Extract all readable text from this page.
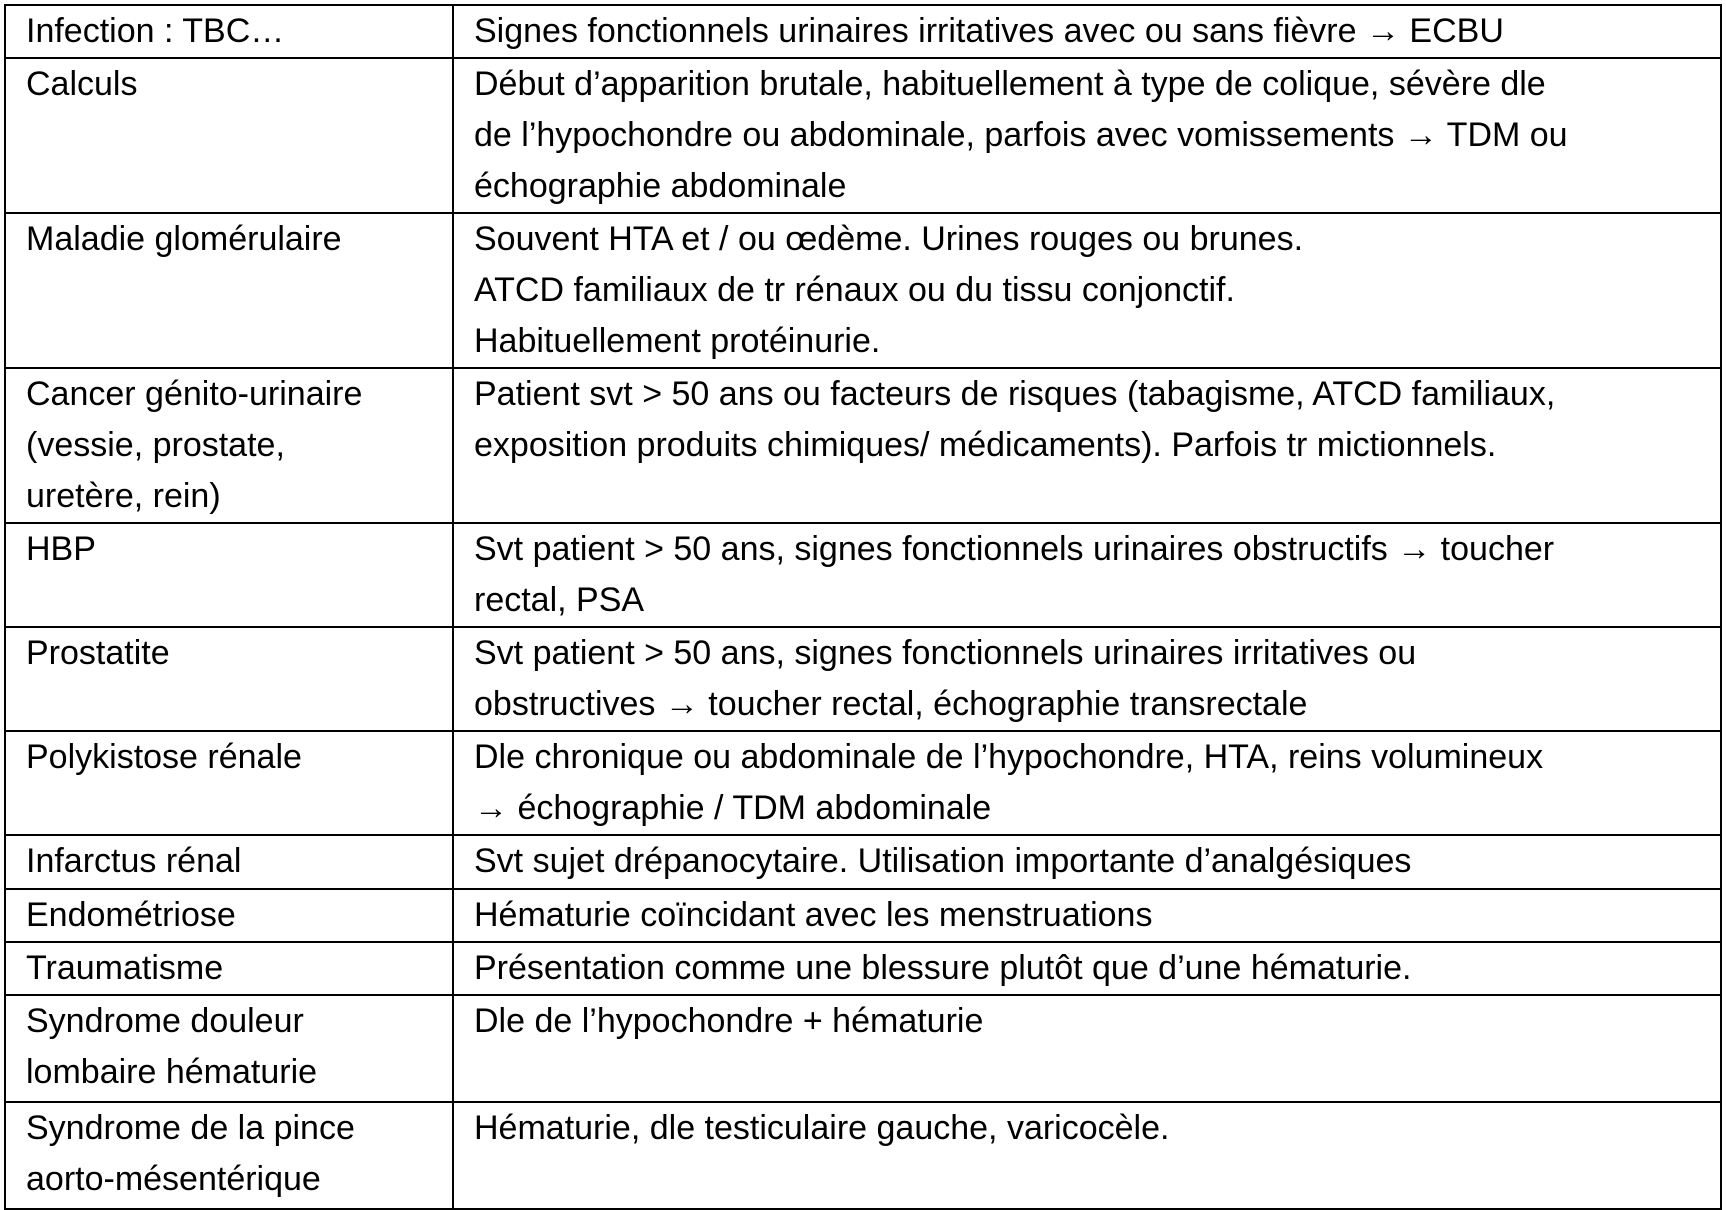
Infection : TBC…	Signes fonctionnels urinaires irritatives avec ou sans fièvre → ECBU
Calculs	Début d’apparition brutale, habituellement à type de colique, sévère dle
de l’hypochondre ou abdominale, parfois avec vomissements → TDM ou
échographie abdominale
Maladie glomérulaire	Souvent HTA et / ou œdème. Urines rouges ou brunes.
ATCD familiaux de tr rénaux ou du tissu conjonctif.
Habituellement protéinurie.
Cancer génito-urinaire
(vessie, prostate,
uretère, rein)	Patient svt > 50 ans ou facteurs de risques (tabagisme, ATCD familiaux,
exposition produits chimiques/ médicaments). Parfois tr mictionnels.
HBP	Svt patient > 50 ans, signes fonctionnels urinaires obstructifs → toucher
rectal, PSA
Prostatite	Svt patient > 50 ans, signes fonctionnels urinaires irritatives ou
obstructives → toucher rectal, échographie transrectale
Polykistose rénale	Dle chronique ou abdominale de l’hypochondre, HTA, reins volumineux
→ échographie / TDM abdominale
Infarctus rénal	Svt sujet drépanocytaire. Utilisation importante d’analgésiques
Endométriose	Hématurie coïncidant avec les menstruations
Traumatisme	Présentation comme une blessure plutôt que d’une hématurie.
Syndrome douleur
lombaire hématurie	Dle de l’hypochondre + hématurie
Syndrome de la pince
aorto-mésentérique	Hématurie, dle testiculaire gauche, varicocèle.
